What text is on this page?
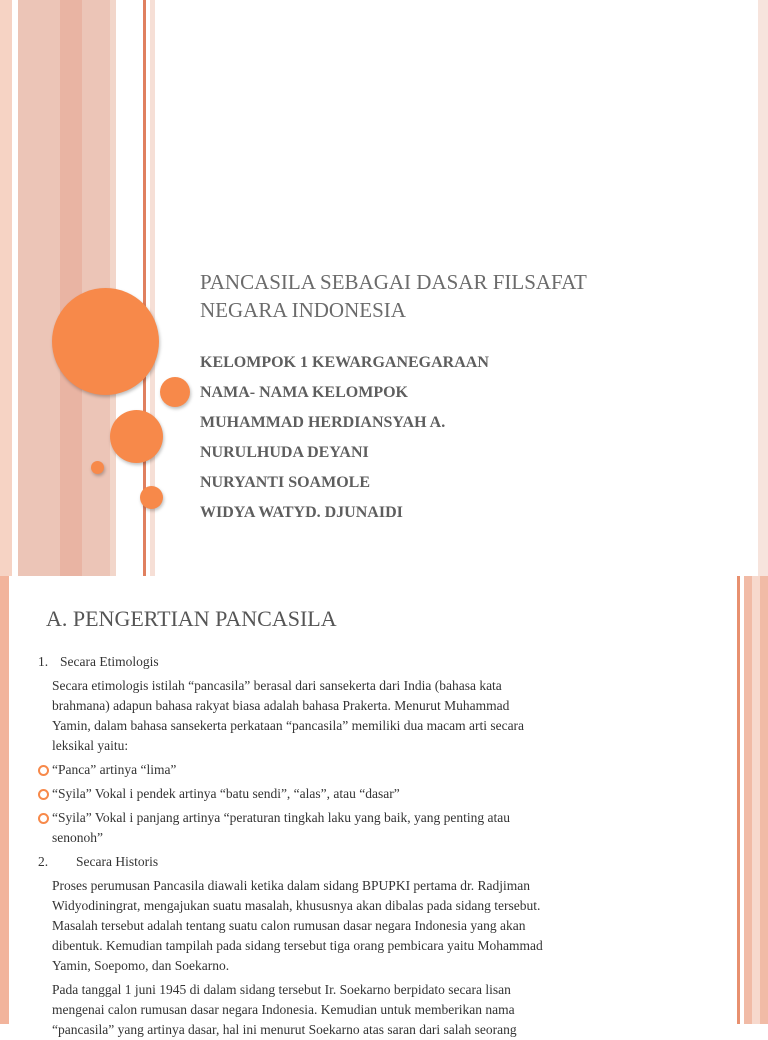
PANCASILA SEBAGAI DASAR FILSAFAT
NEGARA INDONESIA
KELOMPOK 1 KEWARGANEGARAAN
NAMA- NAMA KELOMPOK
MUHAMMAD HERDIANSYAH A.
NURULHUDA DEYANI
NURYANTI SOAMOLE
WIDYA WATYD. DJUNAIDI
A. PENGERTIAN PANCASILA
1. Secara Etimologis
Secara etimologis istilah “pancasila” berasal dari sansekerta dari India (bahasa kata
brahmana) adapun bahasa rakyat biasa adalah bahasa Prakerta. Menurut Muhammad
Yamin, dalam bahasa sansekerta perkataan “pancasila” memiliki dua macam arti secara
leksikal yaitu:
“Panca” artinya “lima”
“Syila” Vokal i pendek artinya “batu sendi”, “alas”, atau “dasar”
“Syila” Vokal i panjang artinya “peraturan tingkah laku yang baik, yang penting atau
senonoh”
2.	Secara Historis
Proses perumusan Pancasila diawali ketika dalam sidang BPUPKI pertama dr. Radjiman
Widyodiningrat, mengajukan suatu masalah, khususnya akan dibalas pada sidang tersebut.
Masalah tersebut adalah tentang suatu calon rumusan dasar negara Indonesia yang akan
dibentuk. Kemudian tampilah pada sidang tersebut tiga orang pembicara yaitu Mohammad
Yamin, Soepomo, dan Soekarno.
Pada tanggal 1 juni 1945 di dalam sidang tersebut Ir. Soekarno berpidato secara lisan
mengenai calon rumusan dasar negara Indonesia. Kemudian untuk memberikan nama
“pancasila” yang artinya dasar, hal ini menurut Soekarno atas saran dari salah seorang
